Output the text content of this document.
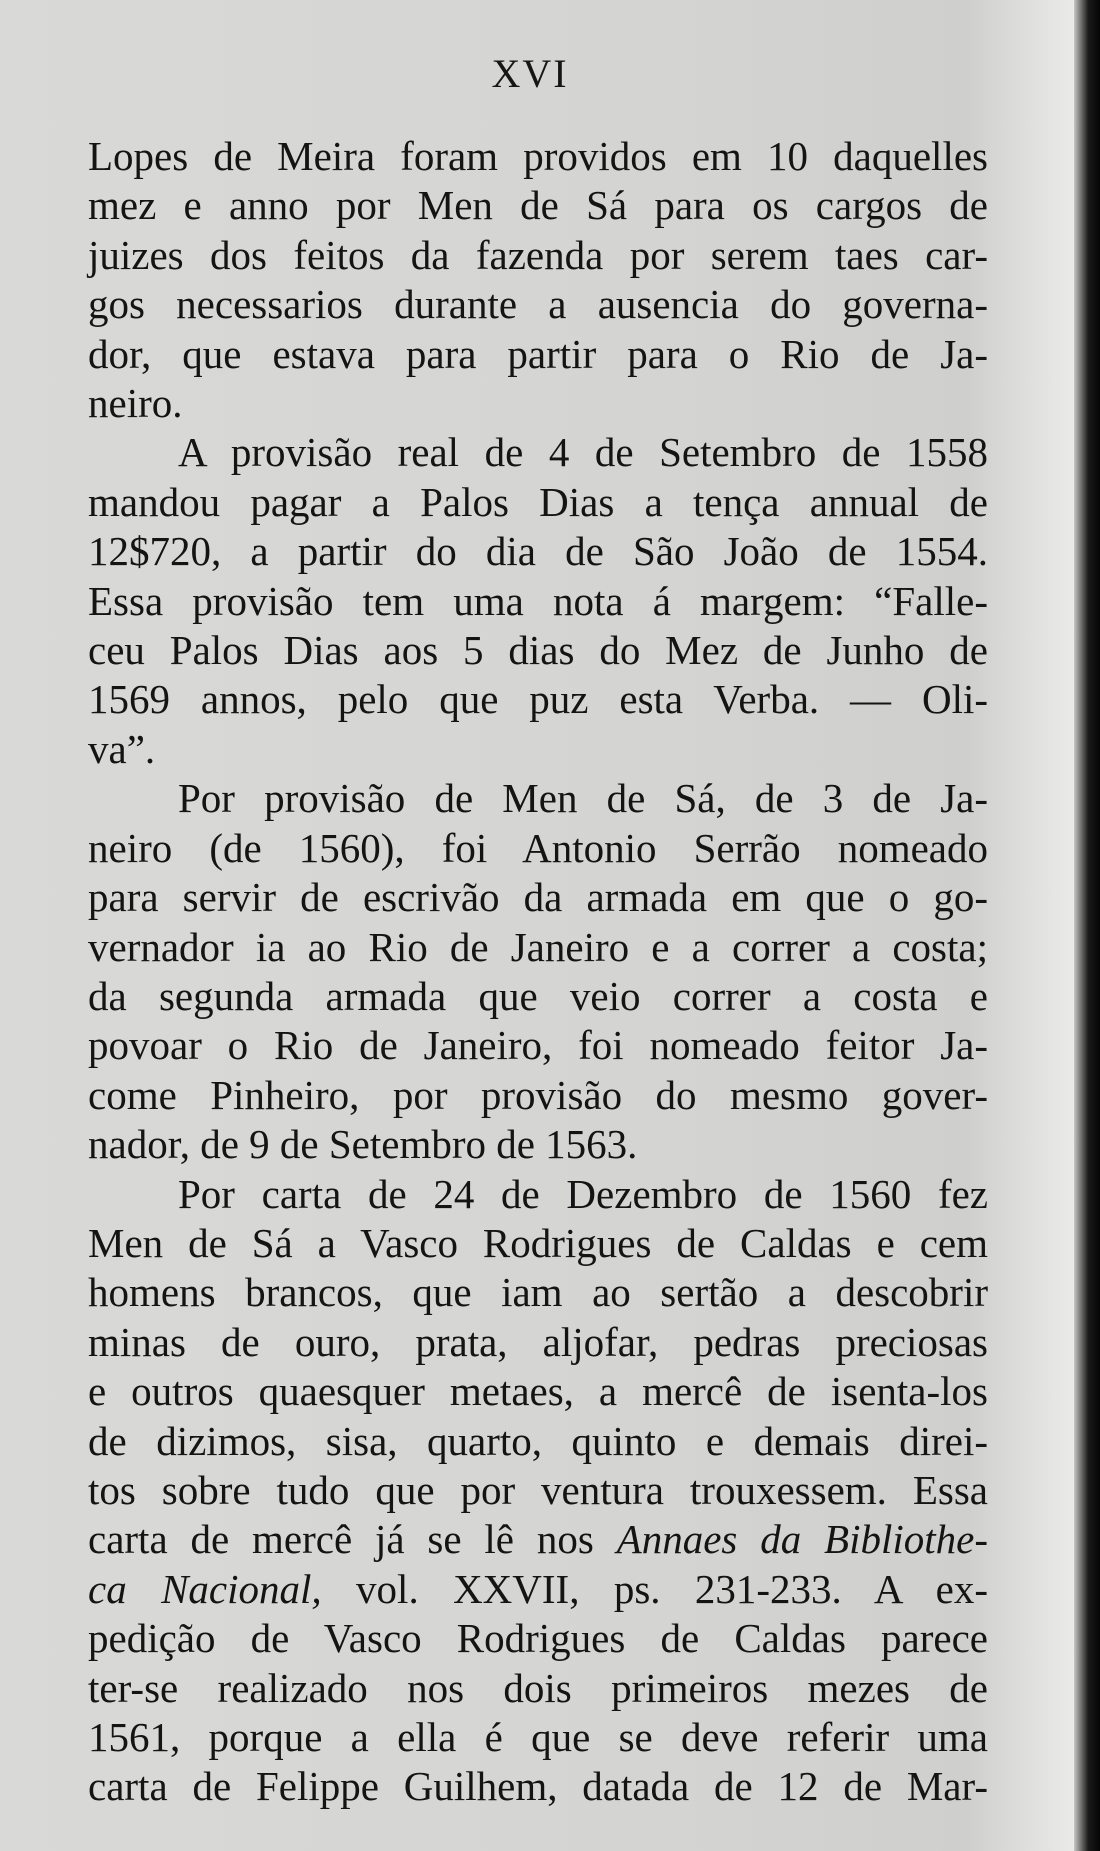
XVI
Lopes de Meira foram providos em 10 daquelles
mez e anno por Men de Sá para os cargos de
juizes dos feitos da fazenda por serem taes car-
gos necessarios durante a ausencia do governa-
dor, que estava para partir para o Rio de Ja-
neiro.
A provisão real de 4 de Setembro de 1558
mandou pagar a Palos Dias a tença annual de
12$720, a partir do dia de São João de 1554.
Essa provisão tem uma nota á margem: “Falle-
ceu Palos Dias aos 5 dias do Mez de Junho de
1569 annos, pelo que puz esta Verba. — Oli-
va”.
Por provisão de Men de Sá, de 3 de Ja-
neiro (de 1560), foi Antonio Serrão nomeado
para servir de escrivão da armada em que o go-
vernador ia ao Rio de Janeiro e a correr a costa;
da segunda armada que veio correr a costa e
povoar o Rio de Janeiro, foi nomeado feitor Ja-
come Pinheiro, por provisão do mesmo gover-
nador, de 9 de Setembro de 1563.
Por carta de 24 de Dezembro de 1560 fez
Men de Sá a Vasco Rodrigues de Caldas e cem
homens brancos, que iam ao sertão a descobrir
minas de ouro, prata, aljofar, pedras preciosas
e outros quaesquer metaes, a mercê de isenta-los
de dizimos, sisa, quarto, quinto e demais direi-
tos sobre tudo que por ventura trouxessem. Essa
carta de mercê já se lê nos Annaes da Bibliothe-
ca Nacional, vol. XXVII, ps. 231-233. A ex-
pedição de Vasco Rodrigues de Caldas parece
ter-se realizado nos dois primeiros mezes de
1561, porque a ella é que se deve referir uma
carta de Felippe Guilhem, datada de 12 de Mar-
